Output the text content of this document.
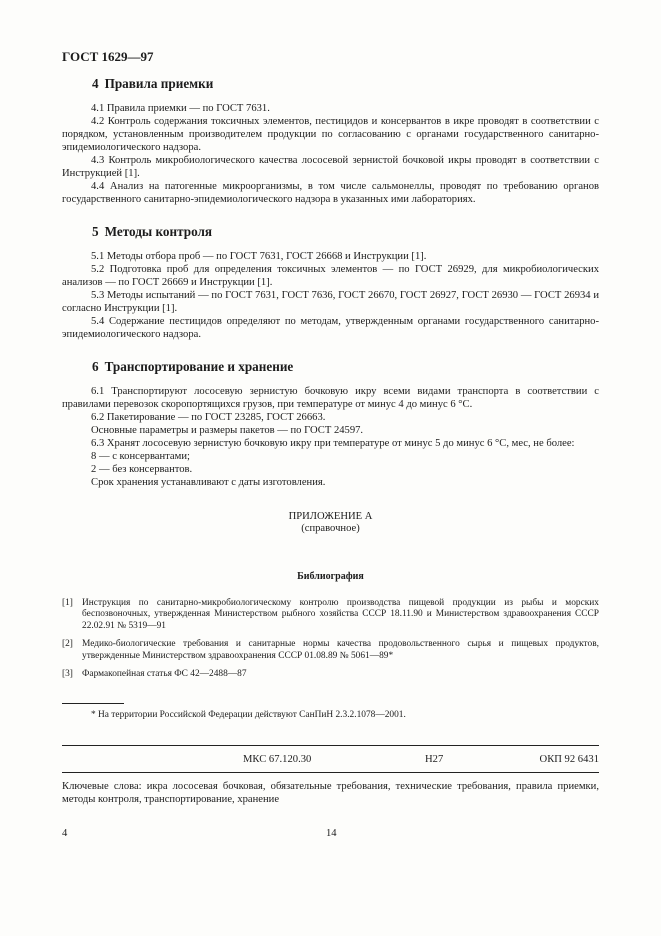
ГОСТ 1629—97
4 Правила приемки

4.1 Правила приемки — по ГОСТ 7631.

4.2 Контроль содержания токсичных элементов, пестицидов и консервантов в икре проводят в соответствии с порядком, установленным производителем продукции по согласованию с органами государственного санитарно-эпидемиологического надзора.

4.3 Контроль микробиологического качества лососевой зернистой бочковой икры проводят в соответствии с Инструкцией [1].

4.4 Анализ на патогенные микроорганизмы, в том числе сальмонеллы, проводят по требованию органов государственного санитарно-эпидемиологического надзора в указанных ими лабораториях.

5 Методы контроля

5.1 Методы отбора проб — по ГОСТ 7631, ГОСТ 26668 и Инструкции [1].

5.2 Подготовка проб для определения токсичных элементов — по ГОСТ 26929, для микробиологических анализов — по ГОСТ 26669 и Инструкции [1].

5.3 Методы испытаний — по ГОСТ 7631, ГОСТ 7636, ГОСТ 26670, ГОСТ 26927, ГОСТ 26930 — ГОСТ 26934 и согласно Инструкции [1].

5.4 Содержание пестицидов определяют по методам, утвержденным органами государственного санитарно-эпидемиологического надзора.

6 Транспортирование и хранение

6.1 Транспортируют лососевую зернистую бочковую икру всеми видами транспорта в соответствии с правилами перевозок скоропортящихся грузов, при температуре от минус 4 до минус 6 °С.

6.2 Пакетирование — по ГОСТ 23285, ГОСТ 26663.

Основные параметры и размеры пакетов — по ГОСТ 24597.

6.3 Хранят лососевую зернистую бочковую икру при температуре от минус 5 до минус 6 °С, мес, не более:

8 — с консервантами;

2 — без консервантов.

Срок хранения устанавливают с даты изготовления.

ПРИЛОЖЕНИЕ А
(справочное)
Библиография
[1] Инструкция по санитарно-микробиологическому контролю производства пищевой продукции из рыбы и морских беспозвоночных, утвержденная Министерством рыбного хозяйства СССР 18.11.90 и Министерством здравоохранения СССР 22.02.91 № 5319—91
[2] Медико-биологические требования и санитарные нормы качества продовольственного сырья и пищевых продуктов, утвержденные Министерством здравоохранения СССР 01.08.89 № 5061—89*
[3] Фармакопейная статья ФС 42—2488—87
* На территории Российской Федерации действуют СанПиН 2.3.2.1078—2001.
МКС 67.120.30	Н27	ОКП 92 6431
Ключевые слова: икра лососевая бочковая, обязательные требования, технические требования, правила приемки, методы контроля, транспортирование, хранение
4	14
